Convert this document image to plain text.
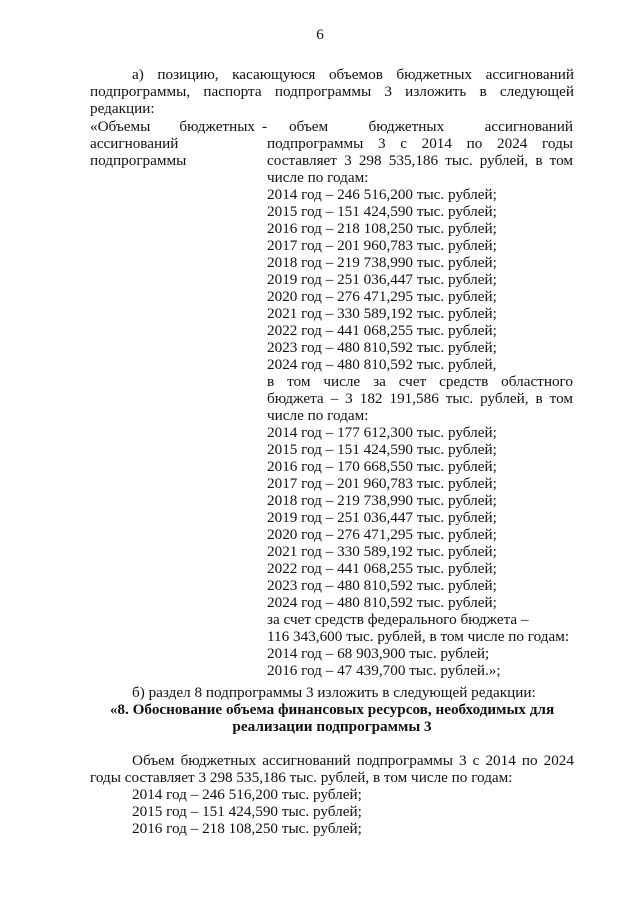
6
а) позицию, касающуюся объемов бюджетных ассигнований
подпрограммы, паспорта подпрограммы 3 изложить в следующей
редакции:
«Объемы бюджетных
ассигнований
подпрограммы
-	объем бюджетных ассигнований
подпрограммы 3 с 2014 по 2024 годы
составляет 3 298 535,186 тыс. рублей, в том
числе по годам:
2014 год – 246 516,200 тыс. рублей;
2015 год – 151 424,590 тыс. рублей;
2016 год – 218 108,250 тыс. рублей;
2017 год – 201 960,783 тыс. рублей;
2018 год – 219 738,990 тыс. рублей;
2019 год – 251 036,447 тыс. рублей;
2020 год – 276 471,295 тыс. рублей;
2021 год – 330 589,192 тыс. рублей;
2022 год – 441 068,255 тыс. рублей;
2023 год – 480 810,592 тыс. рублей;
2024 год – 480 810,592 тыс. рублей,
в том числе за счет средств областного
бюджета – 3 182 191,586 тыс. рублей, в том
числе по годам:
2014 год – 177 612,300 тыс. рублей;
2015 год – 151 424,590 тыс. рублей;
2016 год – 170 668,550 тыс. рублей;
2017 год – 201 960,783 тыс. рублей;
2018 год – 219 738,990 тыс. рублей;
2019 год – 251 036,447 тыс. рублей;
2020 год – 276 471,295 тыс. рублей;
2021 год – 330 589,192 тыс. рублей;
2022 год – 441 068,255 тыс. рублей;
2023 год – 480 810,592 тыс. рублей;
2024 год – 480 810,592 тыс. рублей;
за счет средств федерального бюджета –
116 343,600 тыс. рублей, в том числе по годам:
2014 год – 68 903,900 тыс. рублей;
2016 год – 47 439,700 тыс. рублей.»;
б) раздел 8 подпрограммы 3 изложить в следующей редакции:
«8. Обоснование объема финансовых ресурсов, необходимых для
реализации подпрограммы 3
Объем бюджетных ассигнований подпрограммы 3 с 2014 по 2024
годы составляет 3 298 535,186 тыс. рублей, в том числе по годам:
2014 год – 246 516,200 тыс. рублей;
2015 год – 151 424,590 тыс. рублей;
2016 год – 218 108,250 тыс. рублей;
